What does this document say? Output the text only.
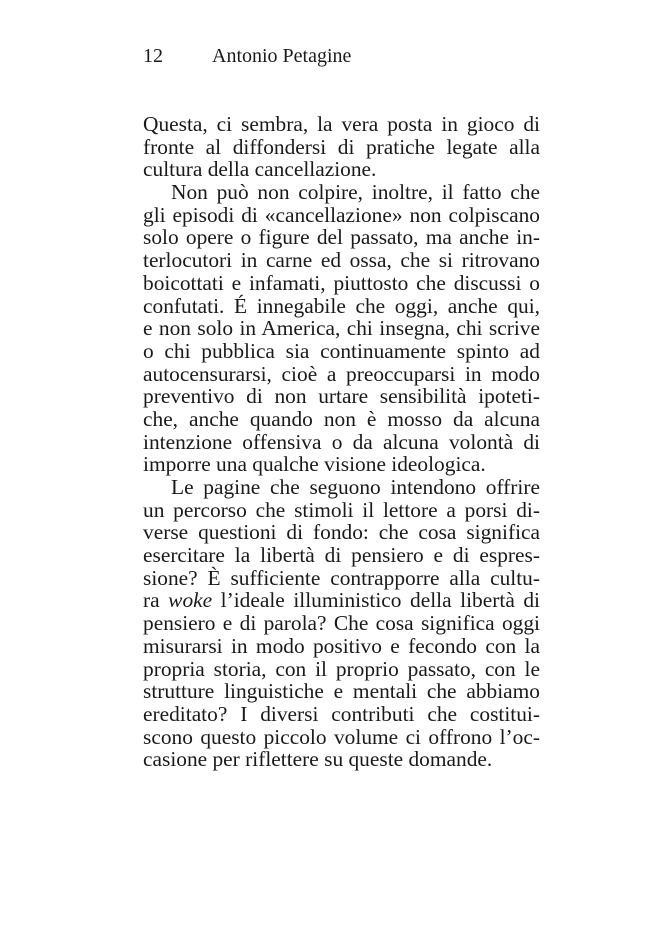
12	Antonio Petagine
Questa, ci sembra, la vera posta in gioco di
fronte al diffondersi di pratiche legate alla
cultura della cancellazione.
Non può non colpire, inoltre, il fatto che
gli episodi di «cancellazione» non colpiscano
solo opere o figure del passato, ma anche in-
terlocutori in carne ed ossa, che si ritrovano
boicottati e infamati, piuttosto che discussi o
confutati. É innegabile che oggi, anche qui,
e non solo in America, chi insegna, chi scrive
o chi pubblica sia continuamente spinto ad
autocensurarsi, cioè a preoccuparsi in modo
preventivo di non urtare sensibilità ipoteti-
che, anche quando non è mosso da alcuna
intenzione offensiva o da alcuna volontà di
imporre una qualche visione ideologica.
Le pagine che seguono intendono offrire
un percorso che stimoli il lettore a porsi di-
verse questioni di fondo: che cosa significa
esercitare la libertà di pensiero e di espres-
sione? È sufficiente contrapporre alla cultu-
ra woke l’ideale illuministico della libertà di
pensiero e di parola? Che cosa significa oggi
misurarsi in modo positivo e fecondo con la
propria storia, con il proprio passato, con le
strutture linguistiche e mentali che abbiamo
ereditato? I diversi contributi che costitui-
scono questo piccolo volume ci offrono l’oc-
casione per riflettere su queste domande.
